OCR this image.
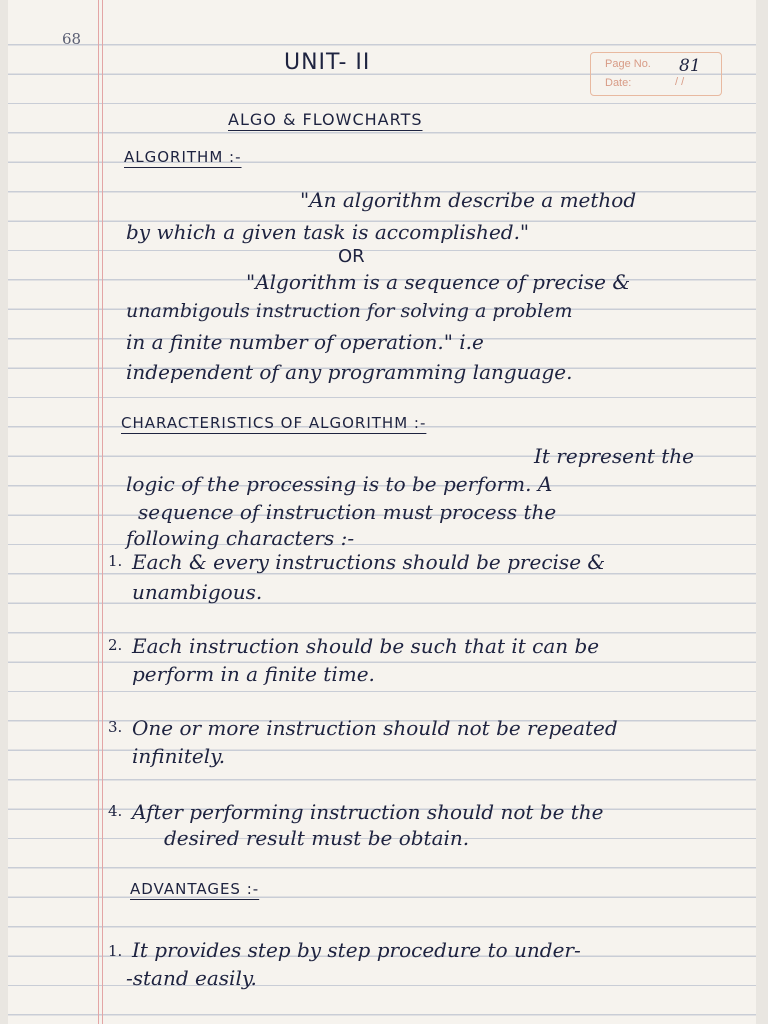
68
Page No. 81
Date:	/ /
UNIT- II
ALGO & FLOWCHARTS
ALGORITHM :-
"An algorithm describe a method
by which a given task is accomplished."
OR
"Algorithm is a sequence of precise &
unambigouls instruction for solving a problem
in a finite number of operation." i.e
independent of any programming language.
CHARACTERISTICS OF ALGORITHM :-
It represent the
logic of the processing is to be perform. A
sequence of instruction must process the
following characters :-
1. Each & every instructions should be precise &
unambigous.
2. Each instruction should be such that it can be
perform in a finite time.
3. One or more instruction should not be repeated
infinitely.
4. After performing instruction should not be the
desired result must be obtain.
ADVANTAGES :-
1. It provides step by step procedure to under-
-stand easily.
